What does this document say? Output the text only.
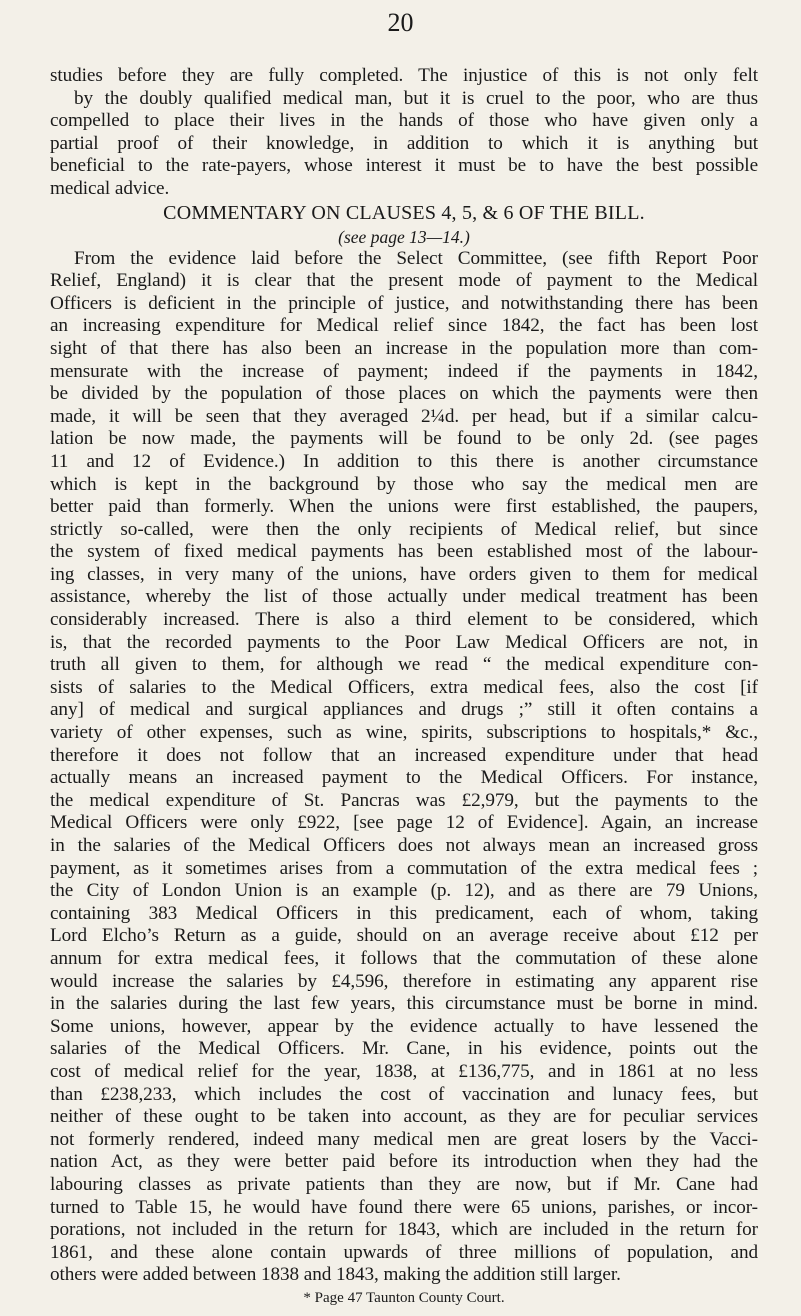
20
studies before they are fully completed. The injustice of this is not only felt
by the doubly qualified medical man, but it is cruel to the poor, who are thus
compelled to place their lives in the hands of those who have given only a
partial proof of their knowledge, in addition to which it is anything but
beneficial to the rate-payers, whose interest it must be to have the best possible
medical advice.
COMMENTARY ON CLAUSES 4, 5, & 6 OF THE BILL.
(see page 13—14.)
From the evidence laid before the Select Committee, (see fifth Report Poor
Relief, England) it is clear that the present mode of payment to the Medical
Officers is deficient in the principle of justice, and notwithstanding there has been
an increasing expenditure for Medical relief since 1842, the fact has been lost
sight of that there has also been an increase in the population more than com-
mensurate with the increase of payment; indeed if the payments in 1842,
be divided by the population of those places on which the payments were then
made, it will be seen that they averaged 2¼d. per head, but if a similar calcu-
lation be now made, the payments will be found to be only 2d. (see pages
11 and 12 of Evidence.) In addition to this there is another circumstance
which is kept in the background by those who say the medical men are
better paid than formerly. When the unions were first established, the paupers,
strictly so-called, were then the only recipients of Medical relief, but since
the system of fixed medical payments has been established most of the labour-
ing classes, in very many of the unions, have orders given to them for medical
assistance, whereby the list of those actually under medical treatment has been
considerably increased. There is also a third element to be considered, which
is, that the recorded payments to the Poor Law Medical Officers are not, in
truth all given to them, for although we read “ the medical expenditure con-
sists of salaries to the Medical Officers, extra medical fees, also the cost [if
any] of medical and surgical appliances and drugs ;” still it often contains a
variety of other expenses, such as wine, spirits, subscriptions to hospitals,* &c.,
therefore it does not follow that an increased expenditure under that head
actually means an increased payment to the Medical Officers. For instance,
the medical expenditure of St. Pancras was £2,979, but the payments to the
Medical Officers were only £922, [see page 12 of Evidence]. Again, an increase
in the salaries of the Medical Officers does not always mean an increased gross
payment, as it sometimes arises from a commutation of the extra medical fees ;
the City of London Union is an example (p. 12), and as there are 79 Unions,
containing 383 Medical Officers in this predicament, each of whom, taking
Lord Elcho’s Return as a guide, should on an average receive about £12 per
annum for extra medical fees, it follows that the commutation of these alone
would increase the salaries by £4,596, therefore in estimating any apparent rise
in the salaries during the last few years, this circumstance must be borne in mind.
Some unions, however, appear by the evidence actually to have lessened the
salaries of the Medical Officers. Mr. Cane, in his evidence, points out the
cost of medical relief for the year, 1838, at £136,775, and in 1861 at no less
than £238,233, which includes the cost of vaccination and lunacy fees, but
neither of these ought to be taken into account, as they are for peculiar services
not formerly rendered, indeed many medical men are great losers by the Vacci-
nation Act, as they were better paid before its introduction when they had the
labouring classes as private patients than they are now, but if Mr. Cane had
turned to Table 15, he would have found there were 65 unions, parishes, or incor-
porations, not included in the return for 1843, which are included in the return for
1861, and these alone contain upwards of three millions of population, and
others were added between 1838 and 1843, making the addition still larger.
* Page 47 Taunton County Court.
